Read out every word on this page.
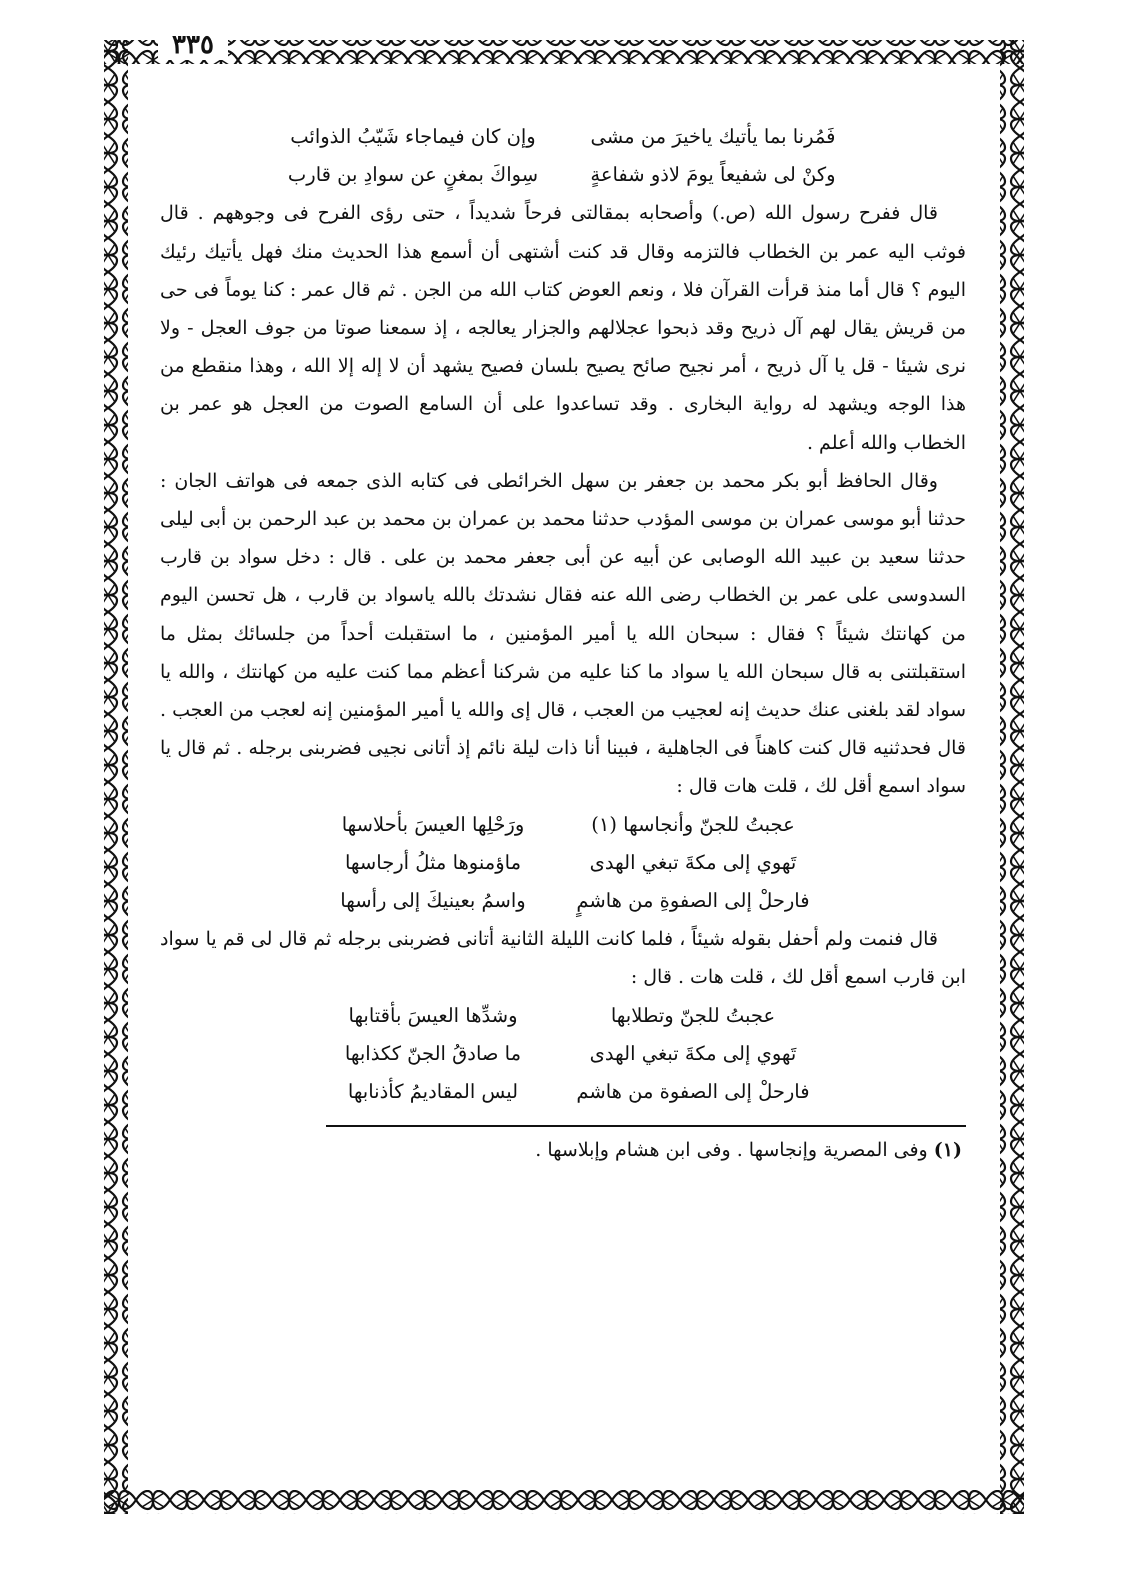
٣٣٥
فَمُرنا بما يأتيك ياخيرَ من مشى
وإن كان فيماجاء شَيّبُ الذوائب
وكنْ لى شفيعاً يومَ لاذو شفاعةٍ
سِواكَ بمغنٍ عن سوادِ بن قارب

قال ففرح رسول الله (ص.) وأصحابه بمقالتى فرحاً شديداً ، حتى رؤى الفرح فى وجوههم . قال فوثب اليه عمر بن الخطاب فالتزمه وقال قد كنت أشتهى أن أسمع هذا الحديث منك فهل يأتيك رئيك اليوم ؟ قال أما منذ قرأت القرآن فلا ، ونعم العوض كتاب الله من الجن . ثم قال عمر : كنا يوماً فى حى من قريش يقال لهم آل ذريح وقد ذبحوا عجلالهم والجزار يعالجه ، إذ سمعنا صوتا من جوف العجل - ولا نرى شيئا - قل يا آل ذريح ، أمر نجيح صائح يصيح بلسان فصيح يشهد أن لا إله إلا الله ، وهذا منقطع من هذا الوجه ويشهد له رواية البخارى . وقد تساعدوا على أن السامع الصوت من العجل هو عمر بن الخطاب والله أعلم .

وقال الحافظ أبو بكر محمد بن جعفر بن سهل الخرائطى فى كتابه الذى جمعه فى هواتف الجان : حدثنا أبو موسى عمران بن موسى المؤدب حدثنا محمد بن عمران بن محمد بن عبد الرحمن بن أبى ليلى حدثنا سعيد بن عبيد الله الوصابى عن أبيه عن أبى جعفر محمد بن على . قال : دخل سواد بن قارب السدوسى على عمر بن الخطاب رضى الله عنه فقال نشدتك بالله ياسواد بن قارب ، هل تحسن اليوم من كهانتك شيئاً ؟ فقال : سبحان الله يا أمير المؤمنين ، ما استقبلت أحداً من جلسائك بمثل ما استقبلتنى به قال سبحان الله يا سواد ما كنا عليه من شركنا أعظم مما كنت عليه من كهانتك ، والله يا سواد لقد بلغنى عنك حديث إنه لعجيب من العجب ، قال إى والله يا أمير المؤمنين إنه لعجب من العجب . قال فحدثنيه قال كنت كاهناً فى الجاهلية ، فبينا أنا ذات ليلة نائم إذ أتانى نجيى فضربنى برجله . ثم قال يا سواد اسمع أقل لك ، قلت هات قال :

عجبتُ للجنّ وأنجاسها (١)
ورَحْلِها العيسَ بأحلاسها
تَهوي إلى مكةَ تبغي الهدى
ماؤمنوها مثلُ أرجاسها
فارحلْ إلى الصفوةِ من هاشمٍ
واسمُ بعينيكَ إلى رأسها

قال فنمت ولم أحفل بقوله شيئاً ، فلما كانت الليلة الثانية أتانى فضربنى برجله ثم قال لى قم يا سواد ابن قارب اسمع أقل لك ، قلت هات . قال :

عجبتُ للجنّ وتطلابها
وشدِّها العيسَ بأقتابها
تَهوي إلى مكةَ تبغي الهدى
ما صادقُ الجنّ ككذابها
فارحلْ إلى الصفوة من هاشم
ليس المقاديمُ كأذنابها
(١) وفى المصرية وإنجاسها . وفى ابن هشام وإبلاسها .
